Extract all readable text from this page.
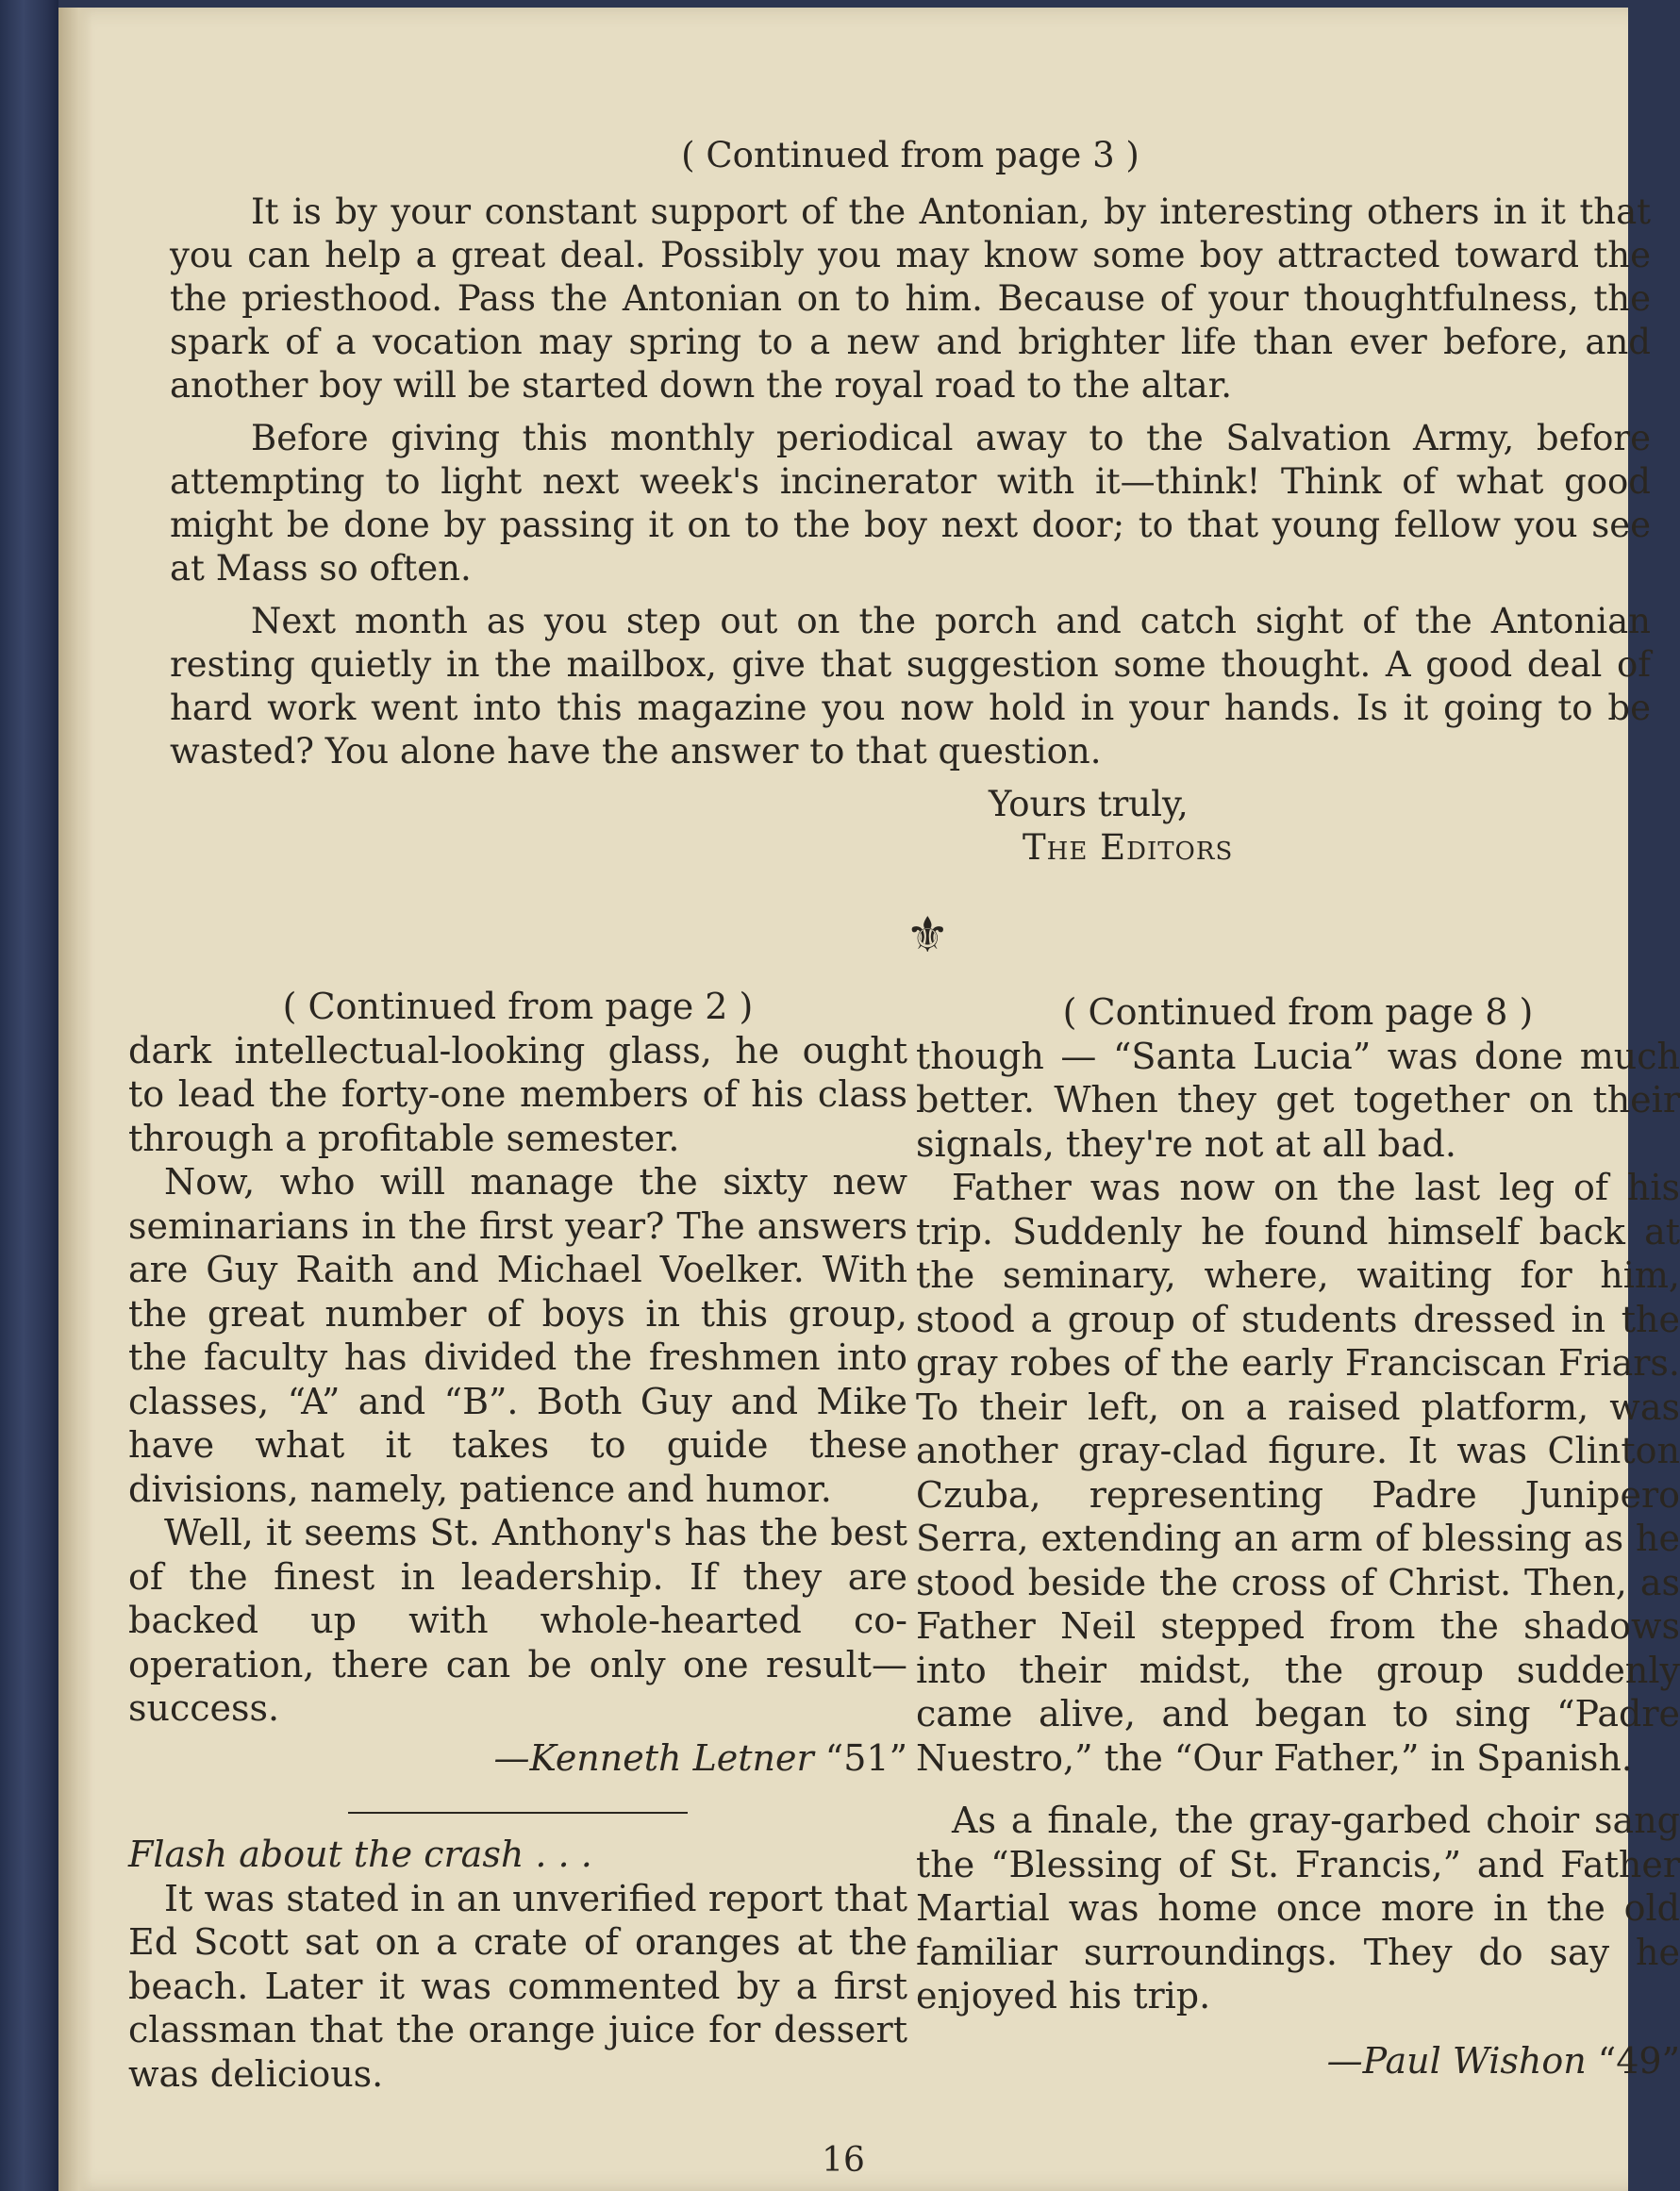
( Continued from page 3 )

It is by your constant support of the Antonian, by interesting others in it that you can help a great deal. Possibly you may know some boy attracted toward the the priesthood. Pass the Antonian on to him. Because of your thoughtfulness, the spark of a vocation may spring to a new and brighter life than ever before, and another boy will be started down the royal road to the altar.

Before giving this monthly periodical away to the Salvation Army, before attempting to light next week's incinerator with it—think! Think of what good might be done by passing it on to the boy next door; to that young fellow you see at Mass so often.

Next month as you step out on the porch and catch sight of the Antonian resting quietly in the mailbox, give that suggestion some thought. A good deal of hard work went into this magazine you now hold in your hands. Is it going to be wasted? You alone have the answer to that question.

Yours truly,

The Editors

⚜

( Continued from page 2 )

dark intellectual-looking glass, he ought to lead the forty-one members of his class through a profitable semester.

Now, who will manage the sixty new seminarians in the first year? The answers are Guy Raith and Michael Voelker. With the great number of boys in this group, the faculty has divided the freshmen into classes, “A” and “B”. Both Guy and Mike have what it takes to guide these divisions, namely, patience and humor.

Well, it seems St. Anthony's has the best of the finest in leadership. If they are backed up with whole-hearted co-operation, there can be only one result—success.

—Kenneth Letner “51”

Flash about the crash . . .

It was stated in an unverified report that Ed Scott sat on a crate of oranges at the beach. Later it was commented by a first classman that the orange juice for dessert was delicious.

( Continued from page 8 )

though — “Santa Lucia” was done much better. When they get together on their signals, they're not at all bad.

Father was now on the last leg of his trip. Suddenly he found himself back at the seminary, where, waiting for him, stood a group of students dressed in the gray robes of the early Franciscan Friars. To their left, on a raised platform, was another gray-clad figure. It was Clinton Czuba, representing Padre Junipero Serra, extending an arm of blessing as he stood beside the cross of Christ. Then, as Father Neil stepped from the shadows into their midst, the group suddenly came alive, and began to sing “Padre Nuestro,” the “Our Father,” in Spanish.

As a finale, the gray-garbed choir sang the “Blessing of St. Francis,” and Father Martial was home once more in the old familiar surroundings. They do say he enjoyed his trip.

—Paul Wishon “49”

16
